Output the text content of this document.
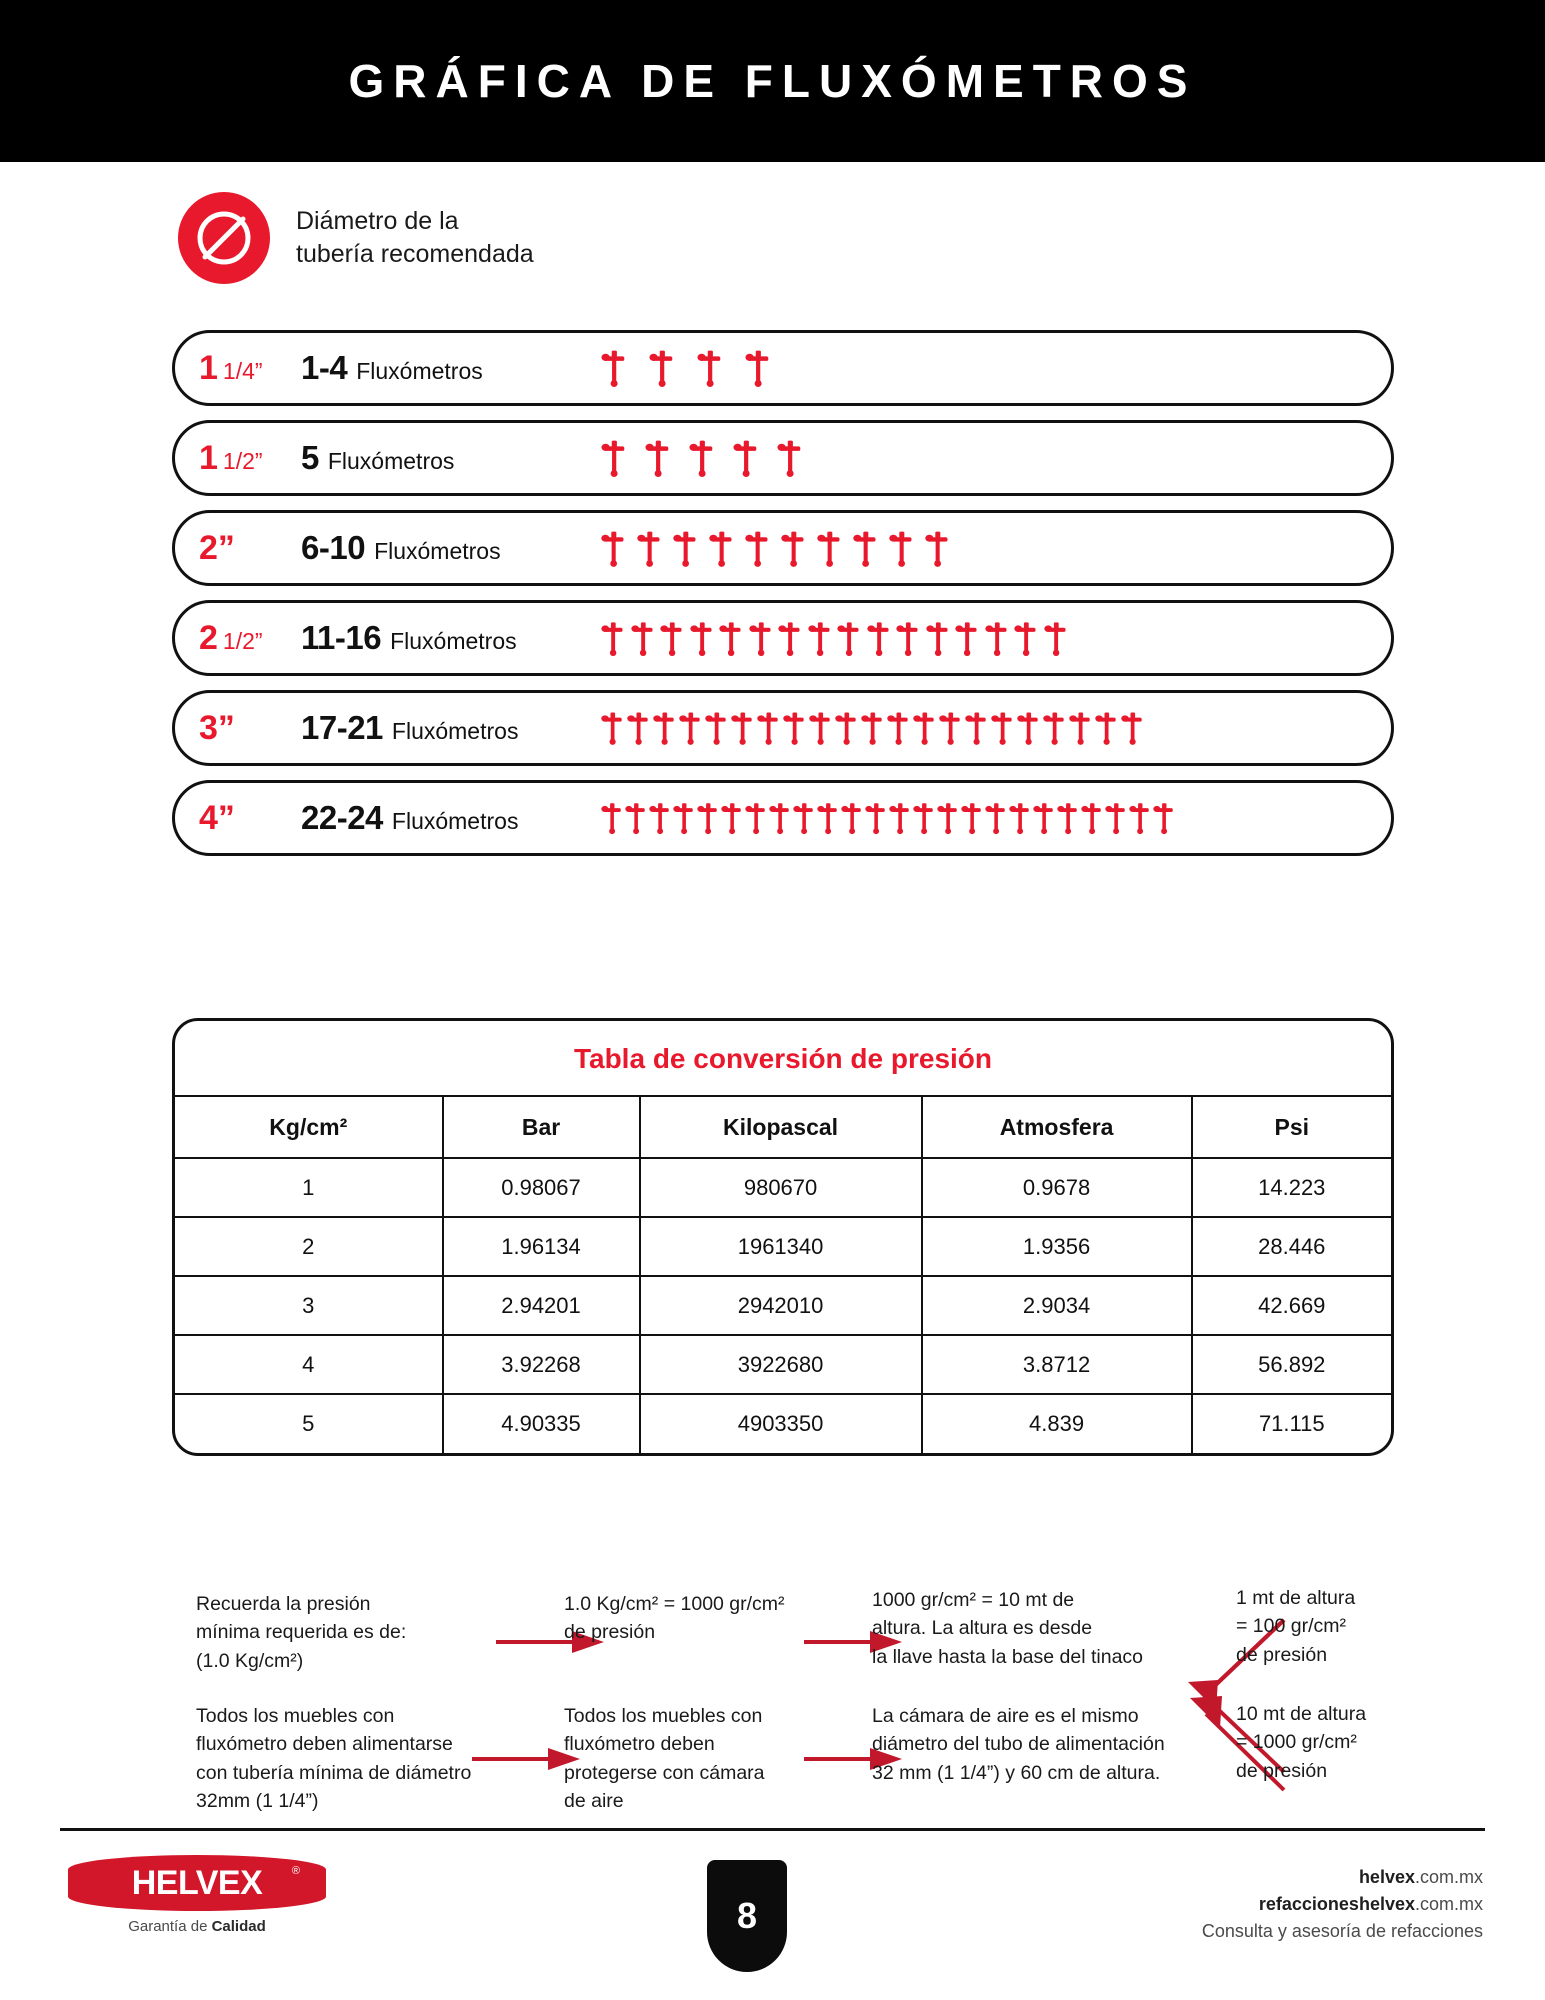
GRÁFICA DE FLUXÓMETROS
Diámetro de la
tubería recomendada
1 1/4” 1-4 Fluxómetros
1 1/2” 5 Fluxómetros
2” 6-10 Fluxómetros
2 1/2” 11-16 Fluxómetros
3” 17-21 Fluxómetros
4” 22-24 Fluxómetros
Tabla de conversión de presión
Kg/cm²	Bar	Kilopascal	Atmosfera	Psi
1	0.98067	980670	0.9678	14.223
2	1.96134	1961340	1.9356	28.446
3	2.94201	2942010	2.9034	42.669
4	3.92268	3922680	3.8712	56.892
5	4.90335	4903350	4.839	71.115
Recuerda la presión
mínima requerida es de:
(1.0 Kg/cm²)
1.0 Kg/cm² = 1000 gr/cm²
de presión
1000 gr/cm² = 10 mt de
altura. La altura es desde
la llave hasta la base del tinaco
1 mt de altura
= 100 gr/cm²
de presión
Todos los muebles con
fluxómetro deben alimentarse
con tubería mínima de diámetro
32mm (1 1/4”)
Todos los muebles con
fluxómetro deben
protegerse con cámara
de aire
La cámara de aire es el mismo
diámetro del tubo de alimentación
32 mm (1 1/4”) y 60 cm de altura.
10 mt de altura
= 1000 gr/cm²
de presión
HELVEX	®
Garantía de Calidad	8
helvex.com.mx
refaccioneshelvex.com.mx
Consulta y asesoría de refacciones
